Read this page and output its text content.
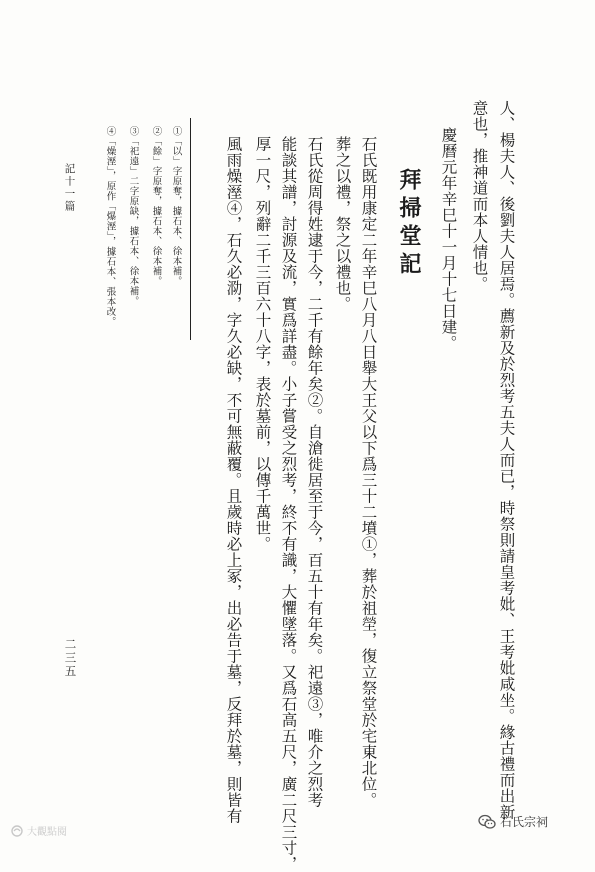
人、楊夫人、後劉夫人居焉。薦新及於烈考五夫人而已，時祭則請皇考妣、王考妣咸坐。緣古禮而出新
意也，推神道而本人情也。
慶曆元年辛巳十一月十七日建。
拜掃堂記
石氏既用康定二年辛巳八月八日舉大王父以下爲三十二墳①，葬於祖塋，復立祭堂於宅東北位。
葬之以禮，祭之以禮也。
石氏從周得姓逮于今，二千有餘年矣②。自滄徙居至于今，百五十有年矣。祀遠③，唯介之烈考
能談其譜，討源及流，實爲詳盡。小子嘗受之烈考，終不有識，大懼墜落。又爲石高五尺，廣二尺三寸，
厚一尺，列辭二千三百六十八字，表於墓前，以傳千萬世。
風雨燥溼④，石久必泐，字久必缺，不可無蔽覆。且歲時必上冢，出必告于墓，反拜於墓，則皆有
①「以」字原奪，據石本、徐本補。
②「餘」字原奪，據石本、徐本補。
③「祀遠」二字原缺，據石本、徐本補。
④「燥溼」，原作「爆溼」，據石本、張本改。
記十一篇
二三五
大觀點閱
石氏宗祠
